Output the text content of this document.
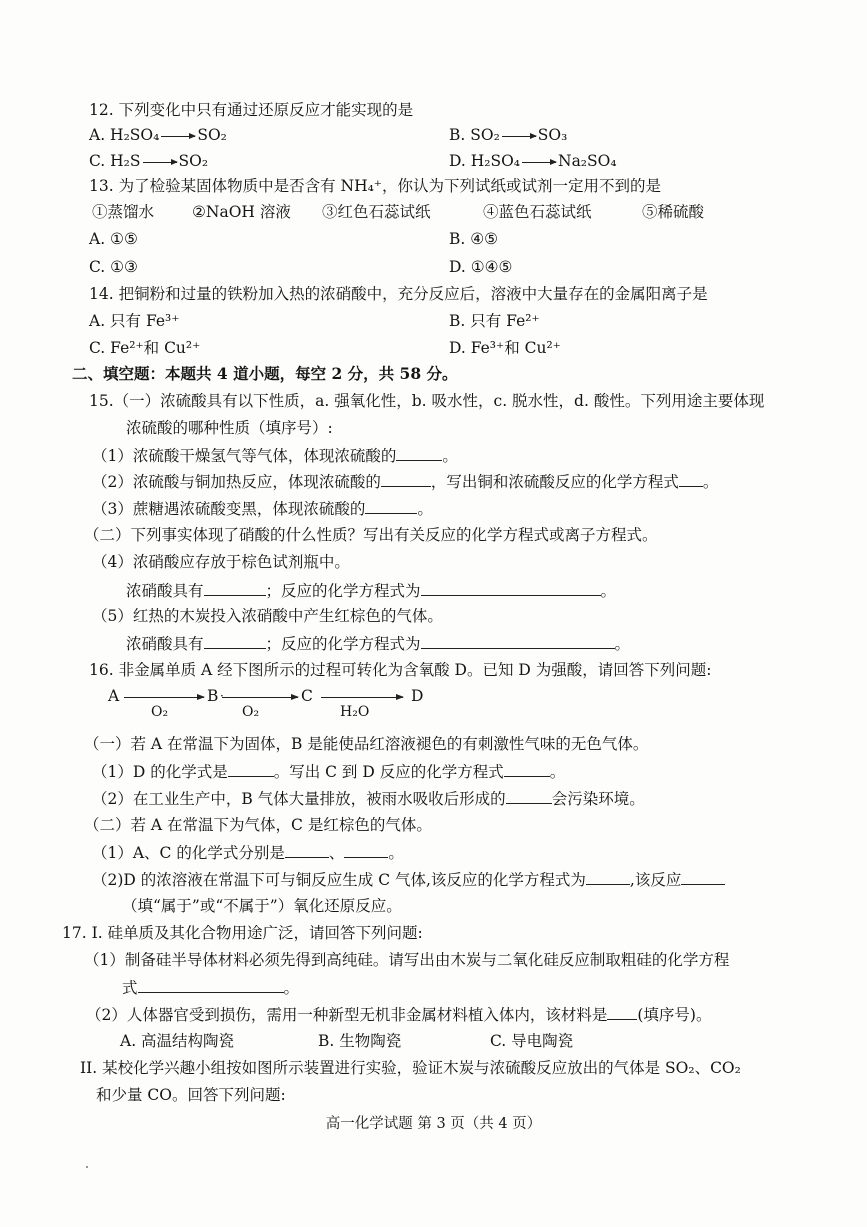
12. 下列变化中只有通过还原反应才能实现的是
A. H₂SO₄ → SO₂	B. SO₂ → SO₃
C. H₂S → SO₂	D. H₂SO₄ → Na₂SO₄
13. 为了检验某固体物质中是否含有 NH₄⁺，你认为下列试纸或试剂一定用不到的是
①蒸馏水 ②NaOH 溶液 ③红色石蕊试纸	④蓝色石蕊试纸	⑤稀硫酸
A. ①⑤	B. ④⑤
C. ①③	D. ①④⑤
14. 把铜粉和过量的铁粉加入热的浓硝酸中，充分反应后，溶液中大量存在的金属阳离子是
A. 只有 Fe³⁺	B. 只有 Fe²⁺
C. Fe²⁺和 Cu²⁺	D. Fe³⁺和 Cu²⁺
二、填空题：本题共 4 道小题，每空 2 分，共 58 分。
15.（一）浓硫酸具有以下性质，a. 强氧化性，b. 吸水性，c. 脱水性，d. 酸性。下列用途主要体现
浓硫酸的哪种性质（填序号）:
（1）浓硫酸干燥氢气等气体，体现浓硫酸的	。
（2）浓硫酸与铜加热反应，体现浓硫酸的	，写出铜和浓硫酸反应的化学方程式 。
（3）蔗糖遇浓硫酸变黑，体现浓硫酸的	。
（二）下列事实体现了硝酸的什么性质？写出有关反应的化学方程式或离子方程式。
（4）浓硝酸应存放于棕色试剂瓶中。
浓硝酸具有	；反应的化学方程式为	。
（5）红热的木炭投入浓硝酸中产生红棕色的气体。
浓硝酸具有	；反应的化学方程式为	。
16. 非金属单质 A 经下图所示的过程可转化为含氧酸 D。已知 D 为强酸，请回答下列问题:
A
O₂
B ·
O₂
C
H₂O
D
（一）若 A 在常温下为固体，B 是能使品红溶液褪色的有刺激性气味的无色气体。
（1）D 的化学式是	。写出 C 到 D 反应的化学方程式	。
（2）在工业生产中，B 气体大量排放，被雨水吸收后形成的	会污染环境。
（二）若 A 在常温下为气体，C 是红棕色的气体。
（1）A、C 的化学式分别是	、	。
（2)D 的浓溶液在常温下可与铜反应生成 C 气体,该反应的化学方程式为	,该反应
（填“属于”或“不属于”）氧化还原反应。
17. I. 硅单质及其化合物用途广泛，请回答下列问题:
（1）制备硅半导体材料必须先得到高纯硅。请写出由木炭与二氧化硅反应制取粗硅的化学方程
式	。
（2）人体器官受到损伤，需用一种新型无机非金属材料植入体内，该材料是 (填序号)。
A. 高温结构陶瓷	B. 生物陶瓷	C. 导电陶瓷
II. 某校化学兴趣小组按如图所示装置进行实验，验证木炭与浓硫酸反应放出的气体是 SO₂、CO₂
和少量 CO。回答下列问题:
高一化学试题 第 3 页（共 4 页）
